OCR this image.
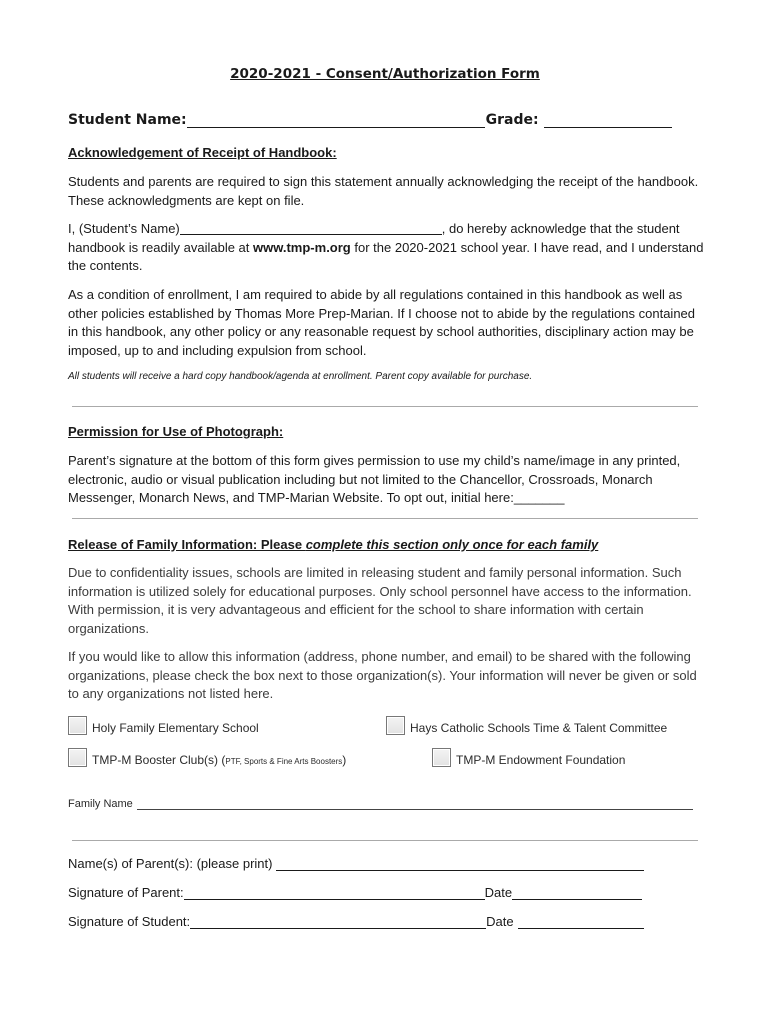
2020-2021 - Consent/Authorization Form
Student Name:	Grade:
Acknowledgement of Receipt of Handbook:
Students and parents are required to sign this statement annually acknowledging the receipt of the handbook. These acknowledgments are kept on file.
I, (Student’s Name)	, do hereby acknowledge that the student handbook is readily available at www.tmp-m.org for the 2020-2021 school year. I have read, and I understand the contents.
As a condition of enrollment, I am required to abide by all regulations contained in this handbook as well as other policies established by Thomas More Prep-Marian. If I choose not to abide by the regulations contained in this handbook, any other policy or any reasonable request by school authorities, disciplinary action may be imposed, up to and including expulsion from school.
All students will receive a hard copy handbook/agenda at enrollment. Parent copy available for purchase.
Permission for Use of Photograph:
Parent’s signature at the bottom of this form gives permission to use my child’s name/image in any printed, electronic, audio or visual publication including but not limited to the Chancellor, Crossroads, Monarch Messenger, Monarch News, and TMP-Marian Website. To opt out, initial here:_______
Release of Family Information: Please complete this section only once for each family
Due to confidentiality issues, schools are limited in releasing student and family personal information. Such information is utilized solely for educational purposes. Only school personnel have access to the information. With permission, it is very advantageous and efficient for the school to share information with certain organizations.
If you would like to allow this information (address, phone number, and email) to be shared with the following organizations, please check the box next to those organization(s). Your information will never be given or sold to any organizations not listed here.
Holy Family Elementary School	Hays Catholic Schools Time & Talent Committee
TMP-M Booster Club(s) (PTF, Sports & Fine Arts Boosters)	TMP-M Endowment Foundation
Family Name
Name(s) of Parent(s): (please print)
Signature of Parent:	Date
Signature of Student:	Date
